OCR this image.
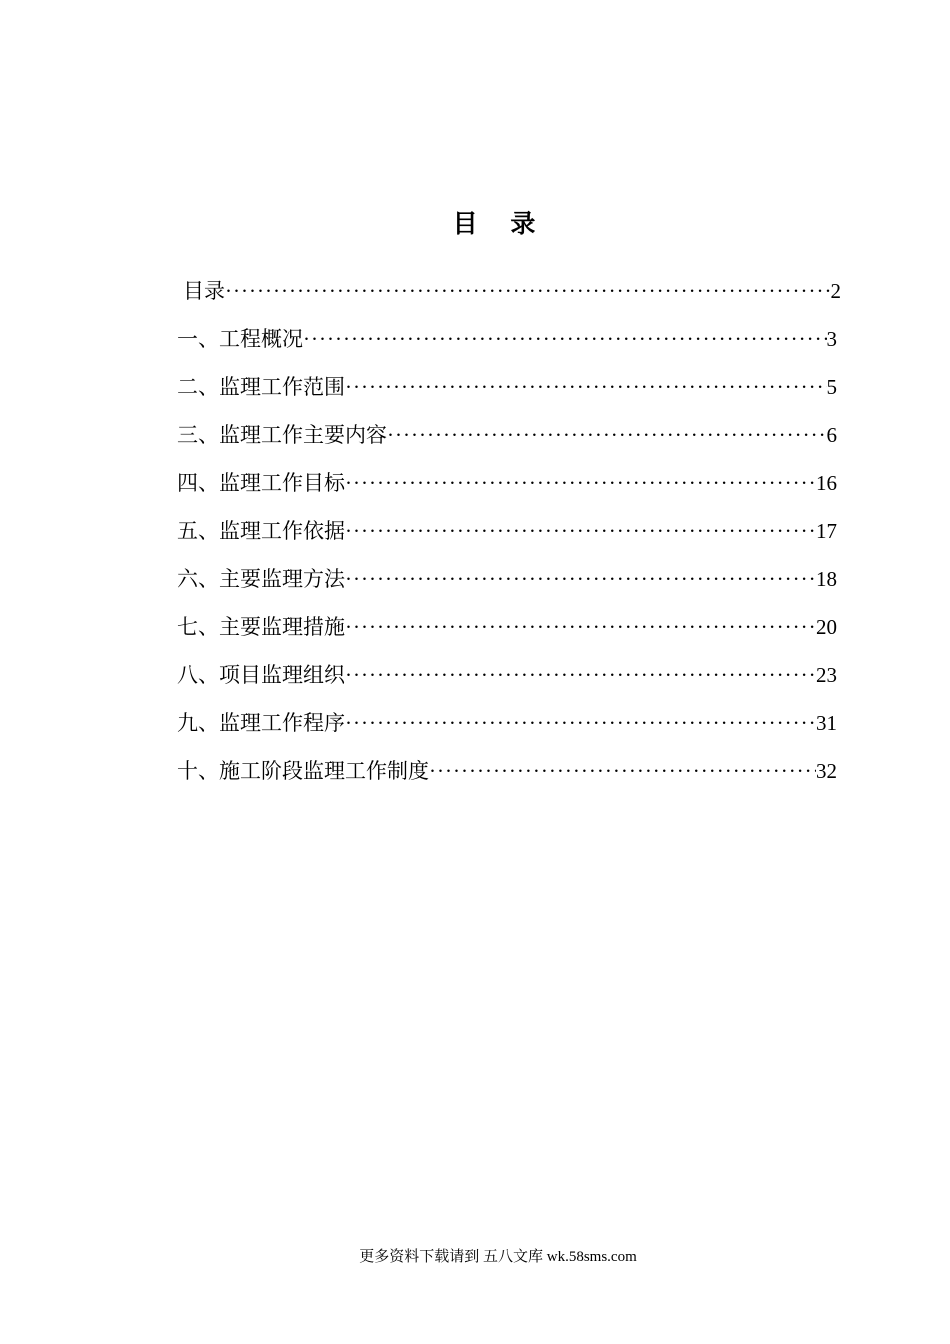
目 录
目录 ·····	2
一、工程概况 ·····	3
二、监理工作范围 ·····	5
三、监理工作主要内容 ·····	6
四、监理工作目标 ·····	16
五、监理工作依据 ·····	17
六、主要监理方法 ·····	18
七、主要监理措施 ·····	20
八、项目监理组织 ·····	23
九、监理工作程序 ·····	31
十、施工阶段监理工作制度 ·····	32
更多资料下载请到 五八文库 wk.58sms.com
